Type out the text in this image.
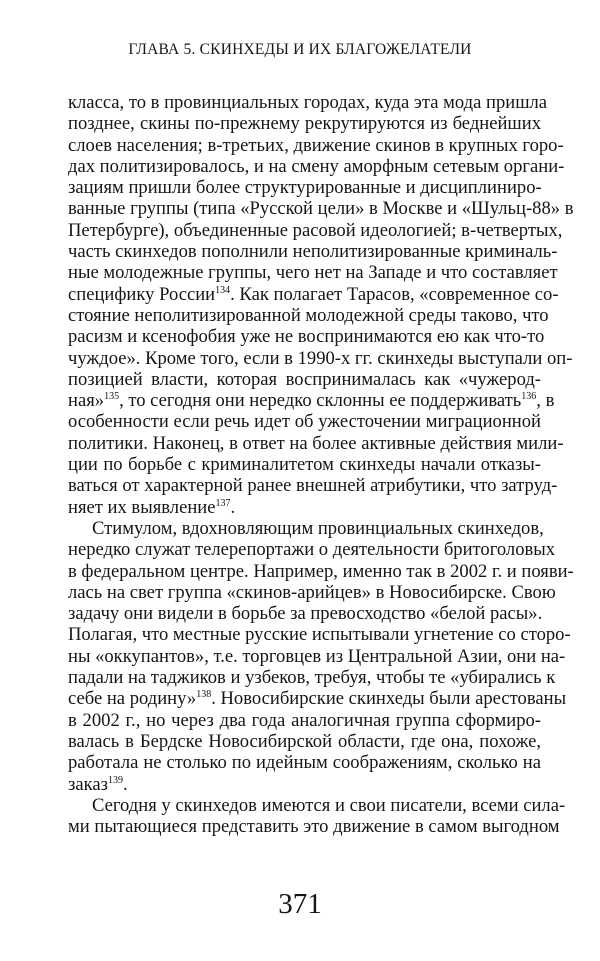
ГЛАВА 5. СКИНХЕДЫ И ИХ БЛАГОЖЕЛАТЕЛИ
класса, то в провинциальных городах, куда эта мода пришла
позднее, скины по-прежнему рекрутируются из беднейших
слоев населения; в-третьих, движение скинов в крупных горо-
дах политизировалось, и на смену аморфным сетевым органи-
зациям пришли более структурированные и дисциплиниро-
ванные группы (типа «Русской цели» в Москве и «Шульц-88» в
Петербурге), объединенные расовой идеологией; в-четвертых,
часть скинхедов пополнили неполитизированные криминаль-
ные молодежные группы, чего нет на Западе и что составляет
специфику России$^{134}$. Как полагает Тарасов, «современное со-
стояние неполитизированной молодежной среды таково, что
расизм и ксенофобия уже не воспринимаются ею как что-то
чуждое». Кроме того, если в 1990-х гг. скинхеды выступали оп-
позицией власти, которая воспринималась как «чужерод-
ная»$^{135}$, то сегодня они нередко склонны ее поддерживать$^{136}$, в
особенности если речь идет об ужесточении миграционной
политики. Наконец, в ответ на более активные действия мили-
ции по борьбе с криминалитетом скинхеды начали отказы-
ваться от характерной ранее внешней атрибутики, что затруд-
няет их выявление$^{137}$.
Стимулом, вдохновляющим провинциальных скинхедов,
нередко служат телерепортажи о деятельности бритоголовых
в федеральном центре. Например, именно так в 2002 г. и появи-
лась на свет группа «скинов-арийцев» в Новосибирске. Свою
задачу они видели в борьбе за превосходство «белой расы».
Полагая, что местные русские испытывали угнетение со сторо-
ны «оккупантов», т.е. торговцев из Центральной Азии, они на-
падали на таджиков и узбеков, требуя, чтобы те «убирались к
себе на родину»$^{138}$. Новосибирские скинхеды были арестованы
в 2002 г., но через два года аналогичная группа сформиро-
валась в Бердске Новосибирской области, где она, похоже,
работала не столько по идейным соображениям, сколько на
заказ$^{139}$.
Сегодня у скинхедов имеются и свои писатели, всеми сила-
ми пытающиеся представить это движение в самом выгодном
371
